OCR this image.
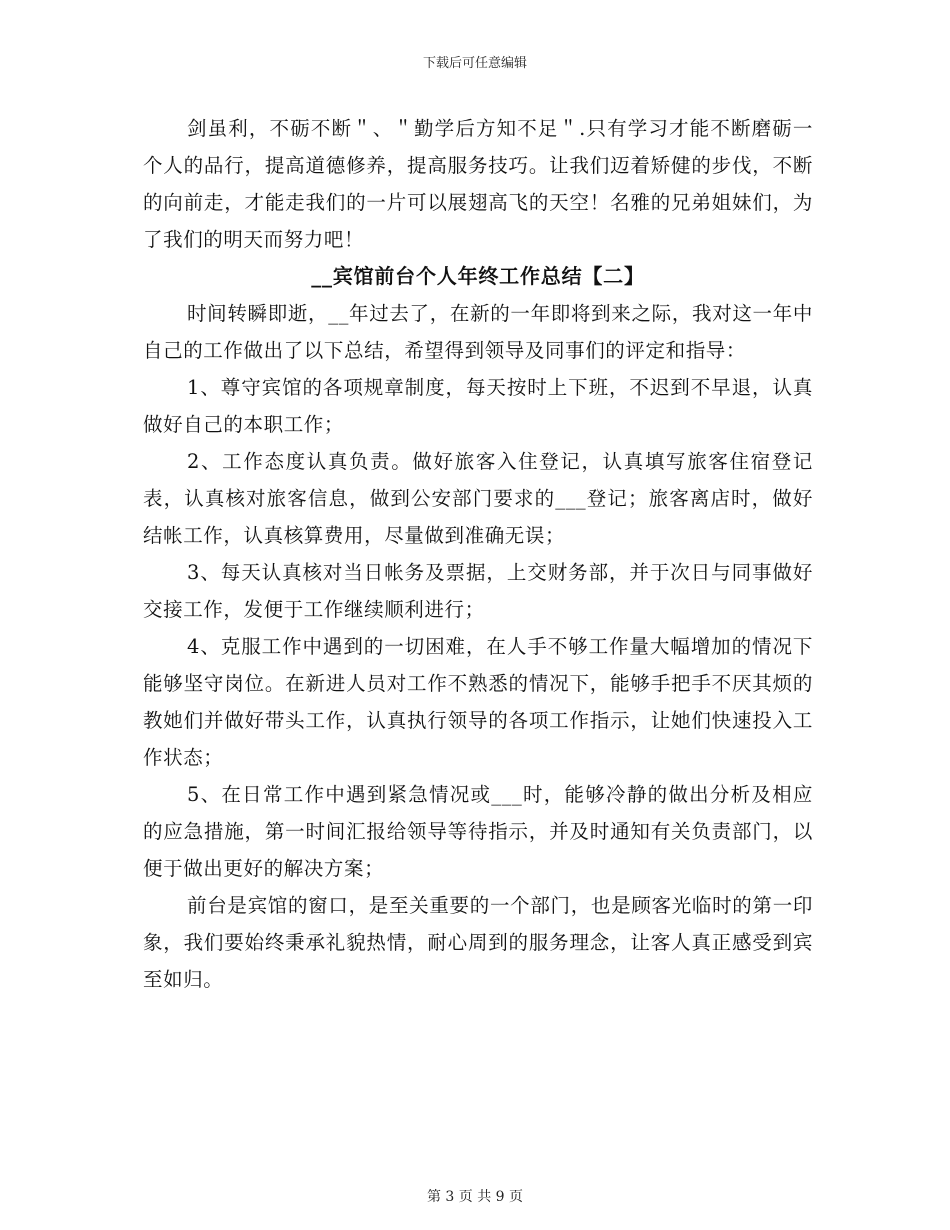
下载后可任意编辑

剑虽利，不砺不断＂、＂勤学后方知不足＂.只有学习才能不断磨砺一个人的品行，提高道德修养，提高服务技巧。让我们迈着矫健的步伐，不断的向前走，才能走我们的一片可以展翅高飞的天空！名雅的兄弟姐妹们，为了我们的明天而努力吧！

__宾馆前台个人年终工作总结【二】

时间转瞬即逝，__年过去了，在新的一年即将到来之际，我对这一年中自己的工作做出了以下总结，希望得到领导及同事们的评定和指导：

1、尊守宾馆的各项规章制度，每天按时上下班，不迟到不早退，认真做好自己的本职工作；

2、工作态度认真负责。做好旅客入住登记，认真填写旅客住宿登记表，认真核对旅客信息，做到公安部门要求的___登记；旅客离店时，做好结帐工作，认真核算费用，尽量做到准确无误；

3、每天认真核对当日帐务及票据，上交财务部，并于次日与同事做好交接工作，发便于工作继续顺利进行；

4、克服工作中遇到的一切困难，在人手不够工作量大幅增加的情况下能够坚守岗位。在新进人员对工作不熟悉的情况下，能够手把手不厌其烦的教她们并做好带头工作，认真执行领导的各项工作指示，让她们快速投入工作状态；

5、在日常工作中遇到紧急情况或___时，能够冷静的做出分析及相应的应急措施，第一时间汇报给领导等待指示，并及时通知有关负责部门，以便于做出更好的解决方案；

前台是宾馆的窗口，是至关重要的一个部门，也是顾客光临时的第一印象，我们要始终秉承礼貌热情，耐心周到的服务理念，让客人真正感受到宾至如归。

第 3 页 共 9 页
